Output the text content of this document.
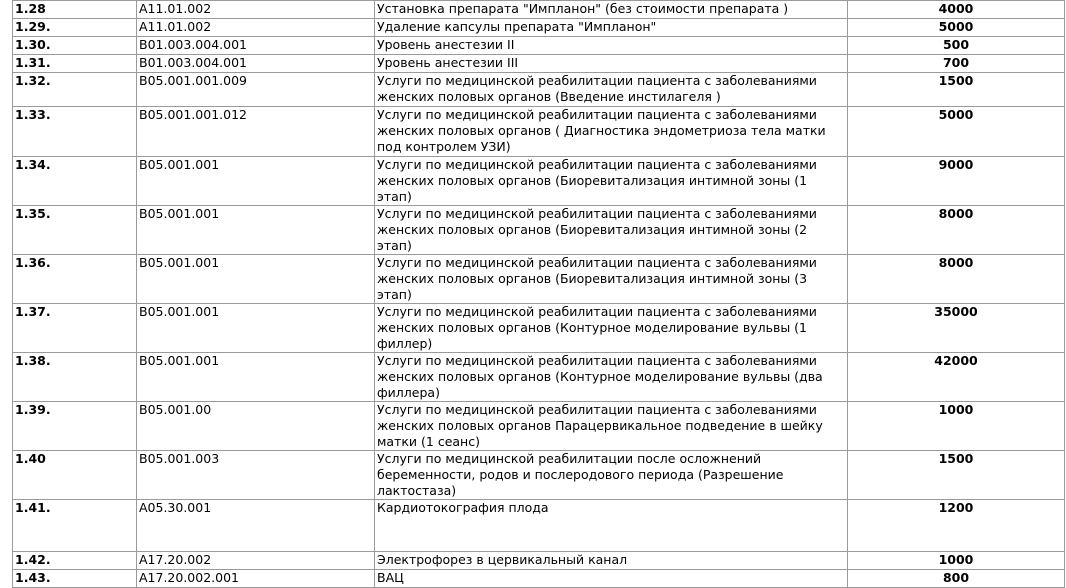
1.28	A11.01.002	Установка препарата "Импланон" (без стоимости препарата )	4000
1.29.	A11.01.002	Удаление капсулы препарата "Импланон"	5000
1.30.	B01.003.004.001	Уровень анестезии II	500
1.31.	B01.003.004.001	Уровень анестезии III	700
1.32.	B05.001.001.009	Услуги по медицинской реабилитации пациента с заболеваниями женских половых органов (Введение инстилагеля )	1500
1.33.	B05.001.001.012	Услуги по медицинской реабилитации пациента с заболеваниями женских половых органов ( Диагностика эндометриоза тела матки под контролем УЗИ)	5000
1.34.	B05.001.001	Услуги по медицинской реабилитации пациента с заболеваниями женских половых органов (Биоревитализация интимной зоны (1 этап)	9000
1.35.	B05.001.001	Услуги по медицинской реабилитации пациента с заболеваниями женских половых органов (Биоревитализация интимной зоны (2 этап)	8000
1.36.	B05.001.001	Услуги по медицинской реабилитации пациента с заболеваниями женских половых органов (Биоревитализация интимной зоны (3 этап)	8000
1.37.	B05.001.001	Услуги по медицинской реабилитации пациента с заболеваниями женских половых органов (Контурное моделирование вульвы (1 филлер)	35000
1.38.	B05.001.001	Услуги по медицинской реабилитации пациента с заболеваниями женских половых органов (Контурное моделирование вульвы (два филлера)	42000
1.39.	B05.001.00	Услуги по медицинской реабилитации пациента с заболеваниями женских половых органов Парацервикальное подведение в шейку матки (1 сеанс)	1000
1.40	B05.001.003	Услуги по медицинской реабилитации после осложнений беременности, родов и послеродового периода (Разрешение лактостаза)	1500
1.41.	A05.30.001	Кардиотокография плода	1200
1.42.	A17.20.002	Электрофорез в цервикальный канал	1000
1.43.	A17.20.002.001	ВАЦ	800
